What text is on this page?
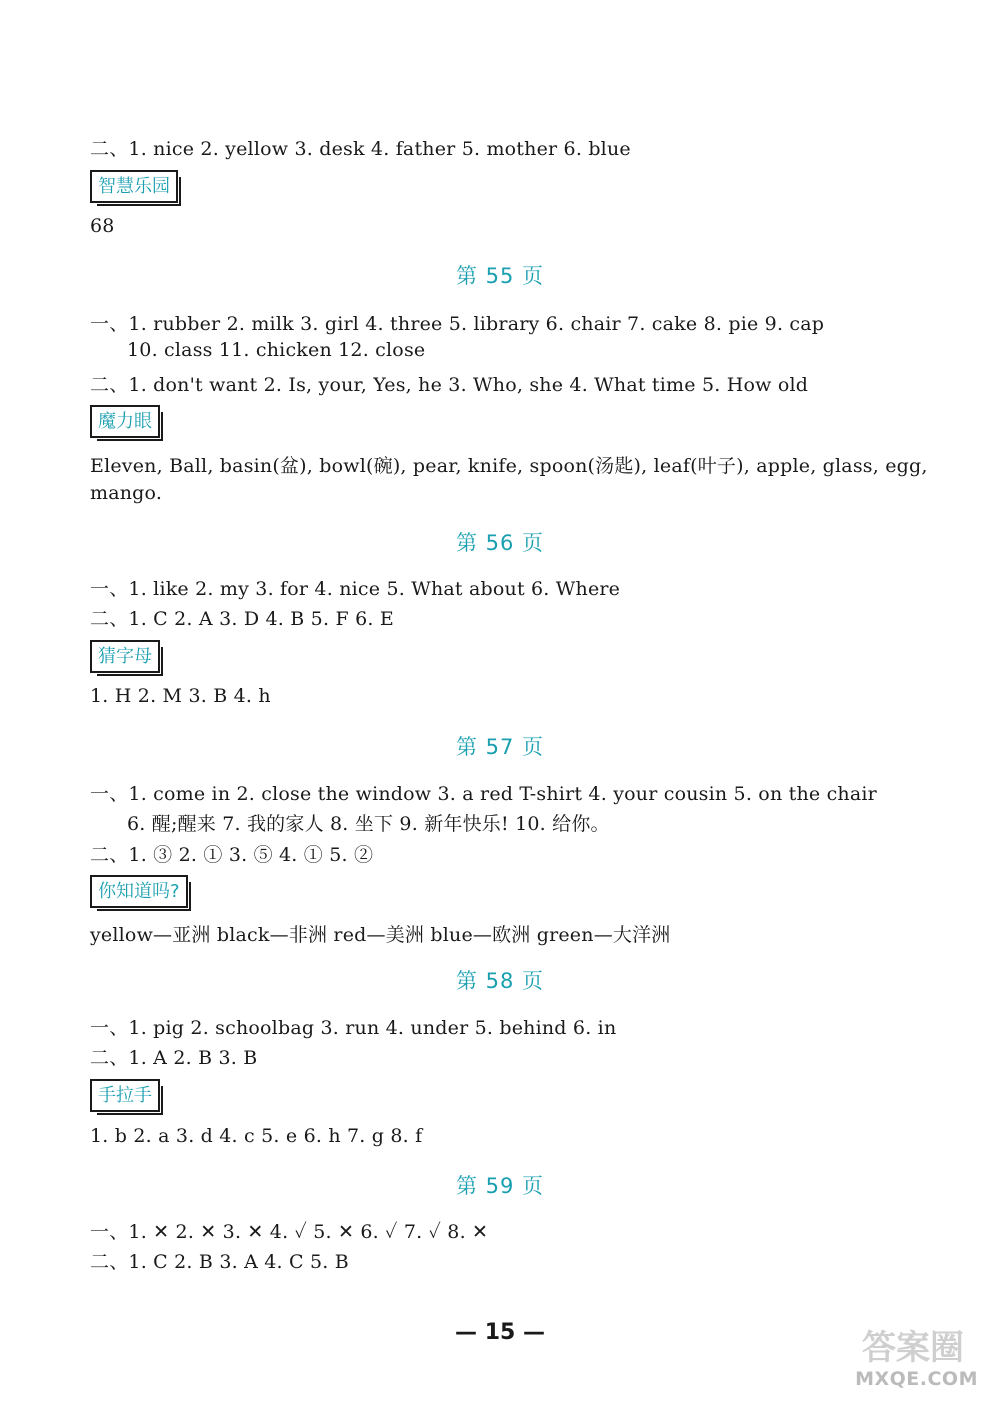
二、1. nice 2. yellow 3. desk 4. father 5. mother 6. blue
智慧乐园
68
第 55 页
一、1. rubber 2. milk 3. girl 4. three 5. library 6. chair 7. cake 8. pie 9. cap
10. class 11. chicken 12. close
二、1. don't want 2. Is, your, Yes, he 3. Who, she 4. What time 5. How old
魔力眼
Eleven, Ball, basin(盆), bowl(碗), pear, knife, spoon(汤匙), leaf(叶子), apple, glass, egg,
mango.
第 56 页
一、1. like 2. my 3. for 4. nice 5. What about 6. Where
二、1. C 2. A 3. D 4. B 5. F 6. E
猜字母
1. H 2. M 3. B 4. h
第 57 页
一、1. come in 2. close the window 3. a red T-shirt 4. your cousin 5. on the chair
6. 醒;醒来 7. 我的家人 8. 坐下 9. 新年快乐! 10. 给你。
二、1. ③ 2. ① 3. ⑤ 4. ① 5. ②
你知道吗?
yellow—亚洲 black—非洲 red—美洲 blue—欧洲 green—大洋洲
第 58 页
一、1. pig 2. schoolbag 3. run 4. under 5. behind 6. in
二、1. A 2. B 3. B
手拉手
1. b 2. a 3. d 4. c 5. e 6. h 7. g 8. f
第 59 页
一、1. ✕ 2. ✕ 3. ✕ 4. ✓ 5. ✕ 6. ✓ 7. ✓ 8. ✕
二、1. C 2. B 3. A 4. C 5. B
— 15 —	答案圈
MXQE.COM
